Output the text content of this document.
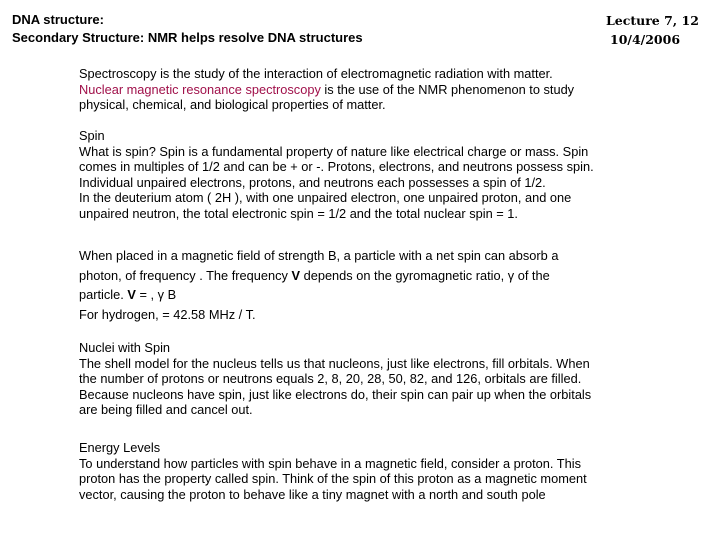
DNA structure:
Secondary Structure: NMR helps resolve DNA structures
Lecture 7, 12
10/4/2006
Spectroscopy is the study of the interaction of electromagnetic radiation with matter.
Nuclear magnetic resonance spectroscopy is the use of the NMR phenomenon to study
physical, chemical, and biological properties of matter.
Spin
What is spin? Spin is a fundamental property of nature like electrical charge or mass. Spin
comes in multiples of 1/2 and can be + or -. Protons, electrons, and neutrons possess spin.
Individual unpaired electrons, protons, and neutrons each possesses a spin of 1/2.
In the deuterium atom ( 2H ), with one unpaired electron, one unpaired proton, and one
unpaired neutron, the total electronic spin = 1/2 and the total nuclear spin = 1.
When placed in a magnetic field of strength B, a particle with a net spin can absorb a
photon, of frequency . The frequency V depends on the gyromagnetic ratio, γ of the
particle. V = , γ B
For hydrogen, = 42.58 MHz / T.
Nuclei with Spin
The shell model for the nucleus tells us that nucleons, just like electrons, fill orbitals. When
the number of protons or neutrons equals 2, 8, 20, 28, 50, 82, and 126, orbitals are filled.
Because nucleons have spin, just like electrons do, their spin can pair up when the orbitals
are being filled and cancel out.
Energy Levels
To understand how particles with spin behave in a magnetic field, consider a proton. This
proton has the property called spin. Think of the spin of this proton as a magnetic moment
vector, causing the proton to behave like a tiny magnet with a north and south pole
